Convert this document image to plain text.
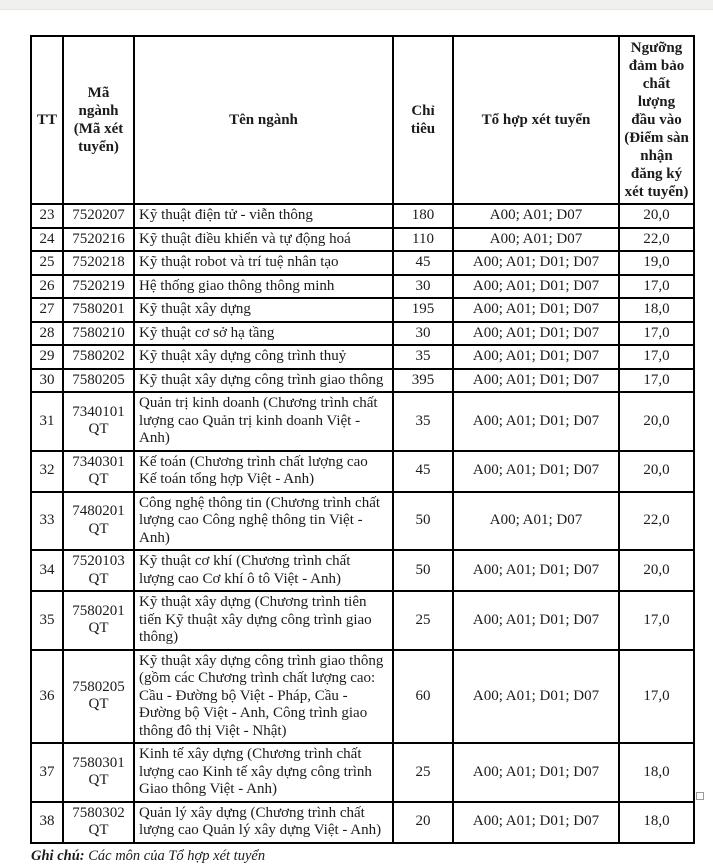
TT	Mã ngành (Mã xét tuyển)	Tên ngành	Chỉ tiêu	Tổ hợp xét tuyển	Ngưỡng đảm bảo chất lượng đầu vào (Điểm sàn nhận đăng ký xét tuyển)
23	7520207	Kỹ thuật điện tử - viễn thông	180	A00; A01; D07	20,0
24	7520216	Kỹ thuật điều khiển và tự động hoá	110	A00; A01; D07	22,0
25	7520218	Kỹ thuật robot và trí tuệ nhân tạo	45	A00; A01; D01; D07	19,0
26	7520219	Hệ thống giao thông thông minh	30	A00; A01; D01; D07	17,0
27	7580201	Kỹ thuật xây dựng	195	A00; A01; D01; D07	18,0
28	7580210	Kỹ thuật cơ sở hạ tầng	30	A00; A01; D01; D07	17,0
29	7580202	Kỹ thuật xây dựng công trình thuỷ	35	A00; A01; D01; D07	17,0
30	7580205	Kỹ thuật xây dựng công trình giao thông	395	A00; A01; D01; D07	17,0
31	7340101 QT	Quản trị kinh doanh (Chương trình chất lượng cao Quản trị kinh doanh Việt - Anh)	35	A00; A01; D01; D07	20,0
32	7340301 QT	Kế toán (Chương trình chất lượng cao Kế toán tổng hợp Việt - Anh)	45	A00; A01; D01; D07	20,0
33	7480201 QT	Công nghệ thông tin (Chương trình chất lượng cao Công nghệ thông tin Việt - Anh)	50	A00; A01; D07	22,0
34	7520103 QT	Kỹ thuật cơ khí (Chương trình chất lượng cao Cơ khí ô tô Việt - Anh)	50	A00; A01; D01; D07	20,0
35	7580201 QT	Kỹ thuật xây dựng (Chương trình tiên tiến Kỹ thuật xây dựng công trình giao thông)	25	A00; A01; D01; D07	17,0
36	7580205 QT	Kỹ thuật xây dựng công trình giao thông (gồm các Chương trình chất lượng cao: Cầu - Đường bộ Việt - Pháp, Cầu - Đường bộ Việt - Anh, Công trình giao thông đô thị Việt - Nhật)	60	A00; A01; D01; D07	17,0
37	7580301 QT	Kinh tế xây dựng (Chương trình chất lượng cao Kinh tế xây dựng công trình Giao thông Việt - Anh)	25	A00; A01; D01; D07	18,0
38	7580302 QT	Quản lý xây dựng (Chương trình chất lượng cao Quản lý xây dựng Việt - Anh)	20	A00; A01; D01; D07	18,0
Ghi chú: Các môn của Tổ hợp xét tuyển
